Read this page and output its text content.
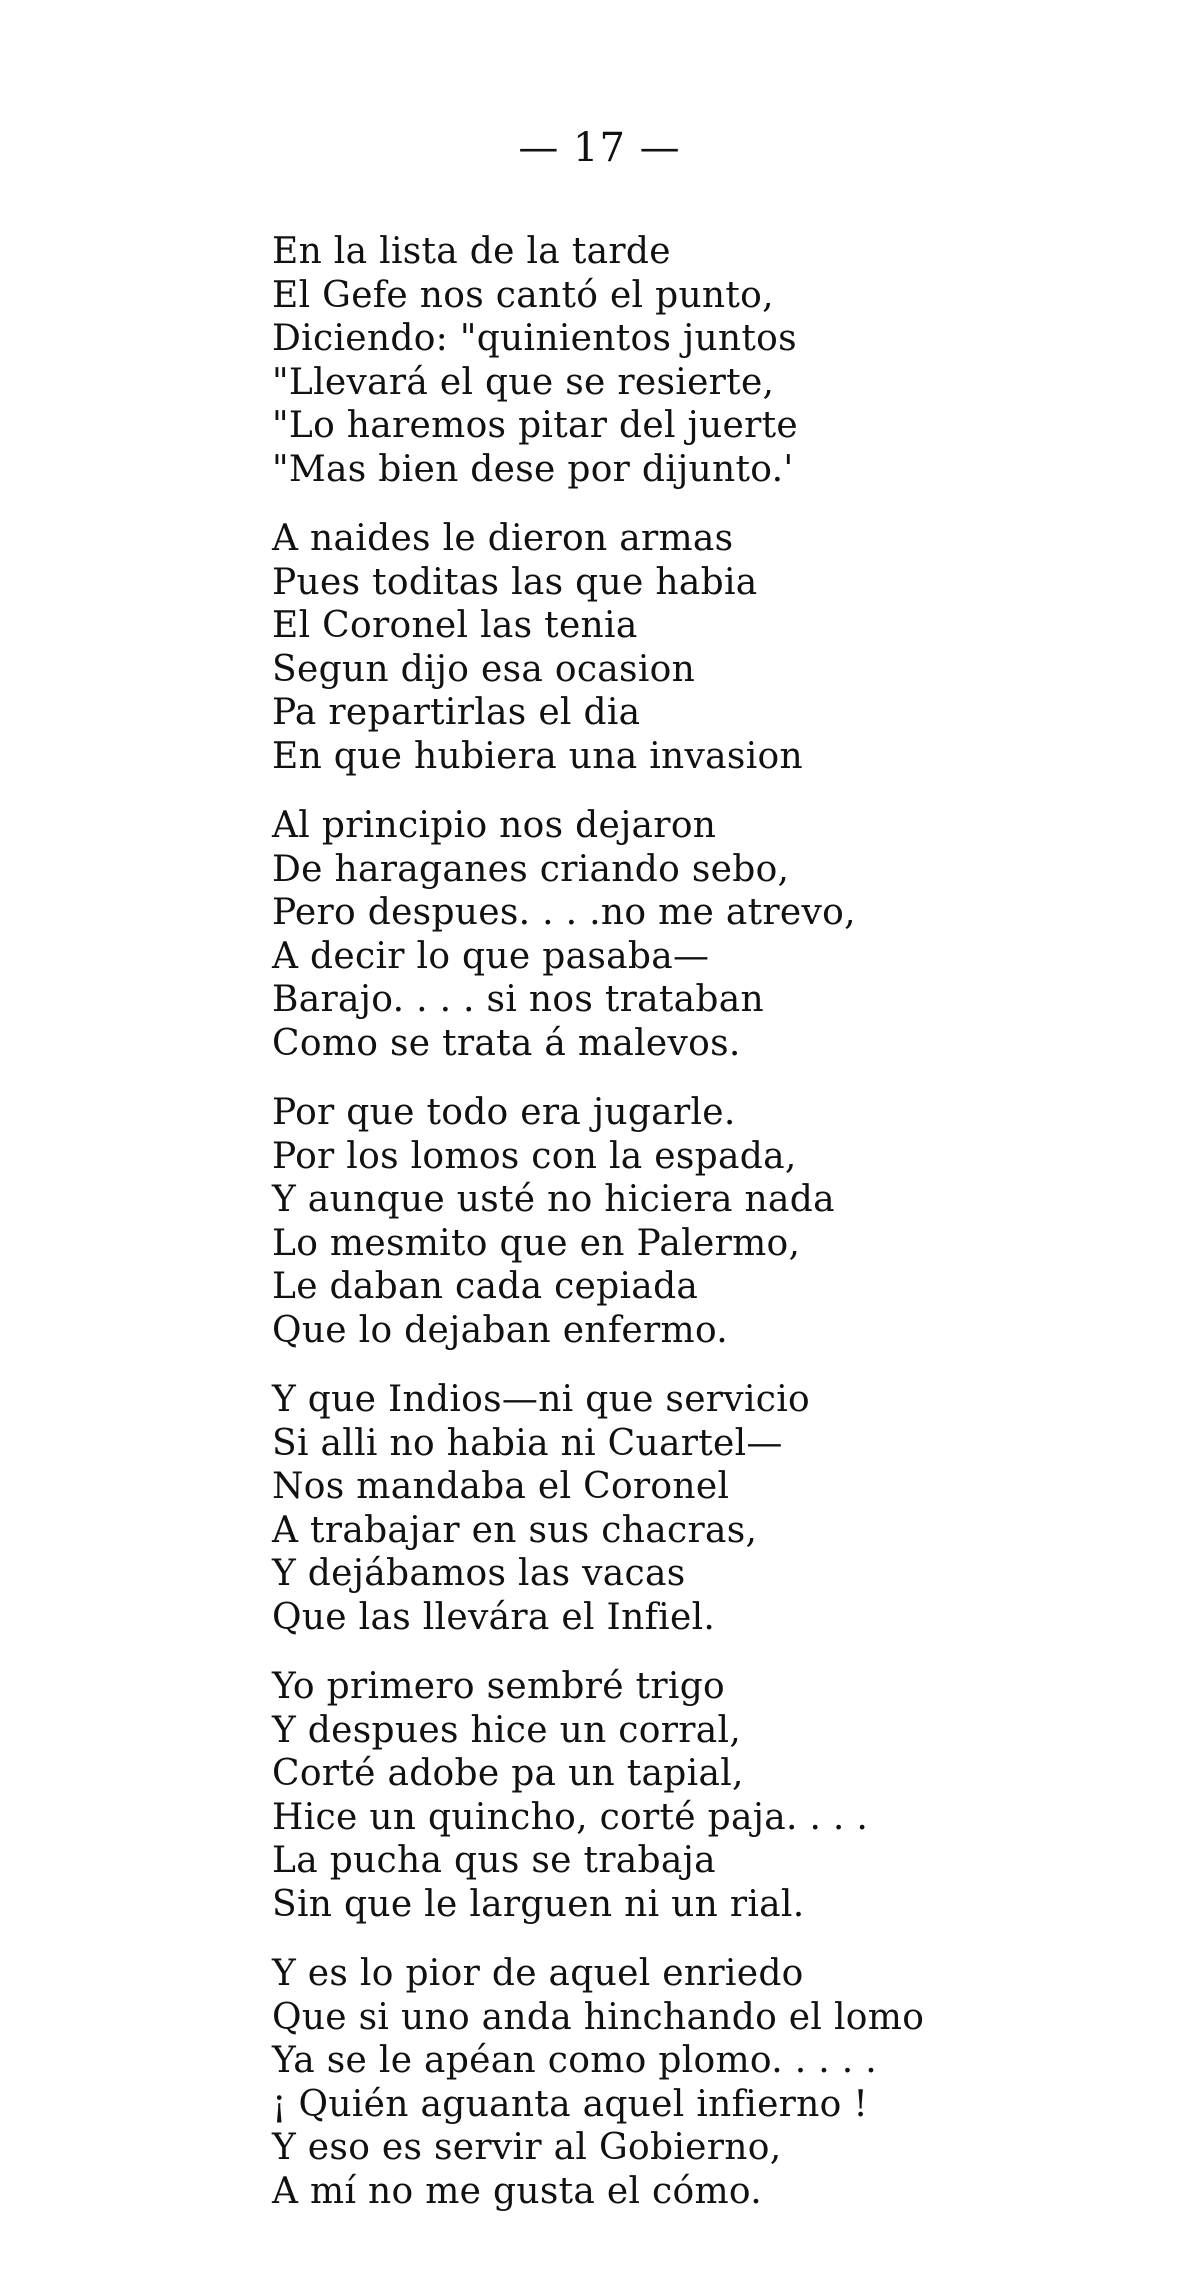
— 17 —
En la lista de la tarde
El Gefe nos cantó el punto,
Diciendo: "quinientos juntos
"Llevará el que se resierte,
"Lo haremos pitar del juerte
"Mas bien dese por dijunto.'
A naides le dieron armas
Pues toditas las que habia
El Coronel las tenia
Segun dijo esa ocasion
Pa repartirlas el dia
En que hubiera una invasion
Al principio nos dejaron
De haraganes criando sebo,
Pero despues. . . .no me atrevo,
A decir lo que pasaba—
Barajo. . . . si nos trataban
Como se trata á malevos.
Por que todo era jugarle.
Por los lomos con la espada,
Y aunque usté no hiciera nada
Lo mesmito que en Palermo,
Le daban cada cepiada
Que lo dejaban enfermo.
Y que Indios—ni que servicio
Si alli no habia ni Cuartel—
Nos mandaba el Coronel
A trabajar en sus chacras,
Y dejábamos las vacas
Que las llevára el Infiel.
Yo primero sembré trigo
Y despues hice un corral,
Corté adobe pa un tapial,
Hice un quincho, corté paja. . . .
La pucha qus se trabaja
Sin que le larguen ni un rial.
Y es lo pior de aquel enriedo
Que si uno anda hinchando el lomo
Ya se le apéan como plomo. . . . .
¡ Quién aguanta aquel infierno !
Y eso es servir al Gobierno,
A mí no me gusta el cómo.
